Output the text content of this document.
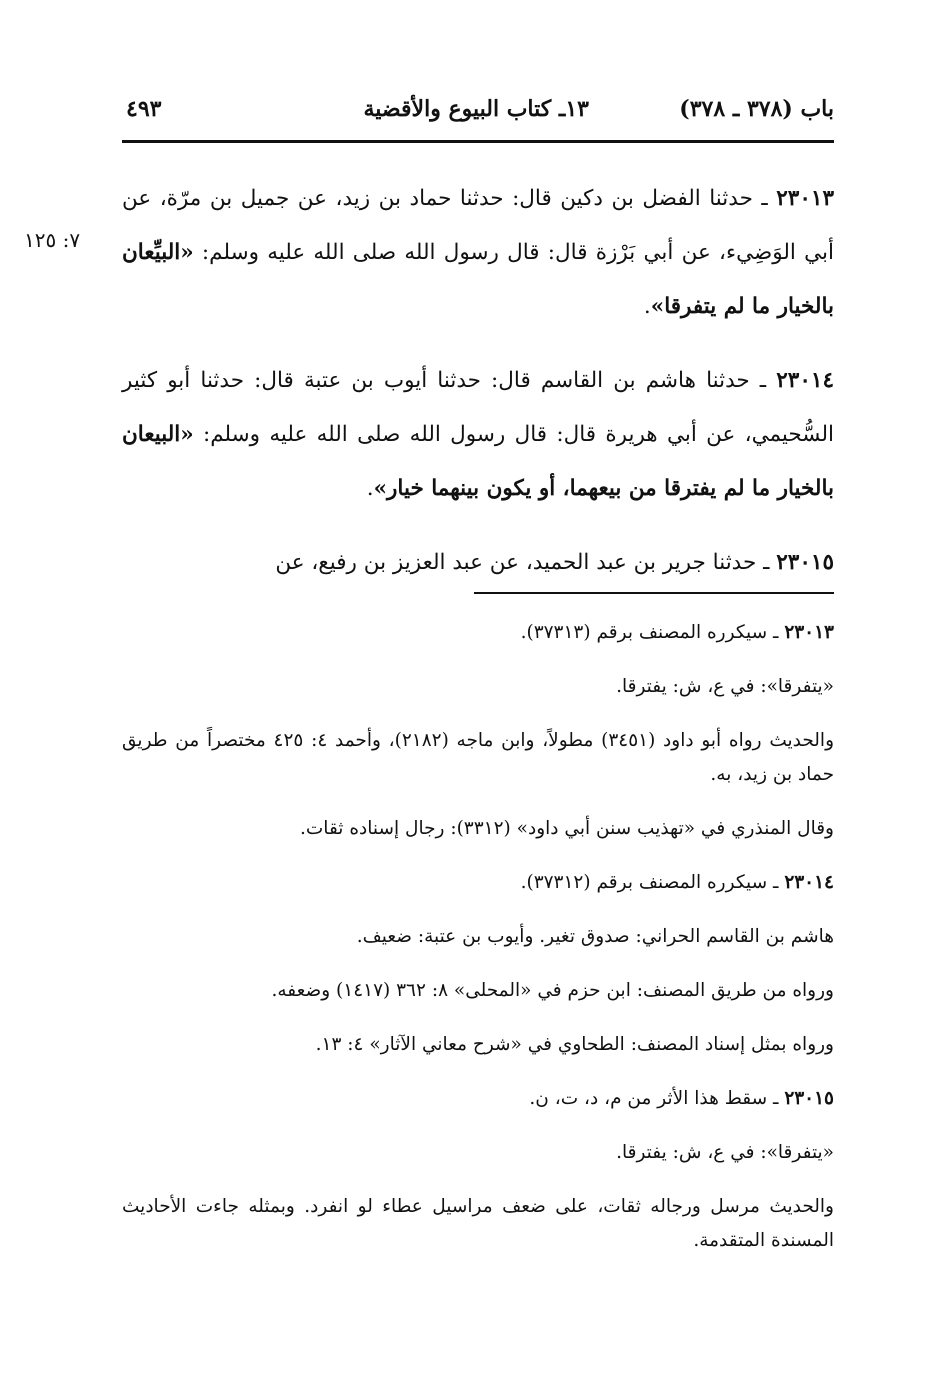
باب (٣٧٨ ـ ٣٧٨)
١٣ـ كتاب البيوع والأقضية
٤٩٣
٧: ١٢٥

٢٣٠١٣ ـ حدثنا الفضل بن دكين قال: حدثنا حماد بن زيد، عن جميل بن مرّة، عن أبي الوَضِيء، عن أبي بَرْزة قال: قال رسول الله صلى الله عليه وسلم: «البيِّعان بالخيار ما لم يتفرقا».

٢٣٠١٤ ـ حدثنا هاشم بن القاسم قال: حدثنا أيوب بن عتبة قال: حدثنا أبو كثير السُّحيمي، عن أبي هريرة قال: قال رسول الله صلى الله عليه وسلم: «البيعان بالخيار ما لم يفترقا من بيعهما، أو يكون بينهما خيار».

٢٣٠١٥ ـ حدثنا جرير بن عبد الحميد، عن عبد العزيز بن رفيع، عن

٢٣٠١٣ ـ سيكرره المصنف برقم (٣٧٣١٣).

«يتفرقا»: في ع، ش: يفترقا.

والحديث رواه أبو داود (٣٤٥١) مطولاً، وابن ماجه (٢١٨٢)، وأحمد ٤: ٤٢٥ مختصراً من طريق حماد بن زيد، به.

وقال المنذري في «تهذيب سنن أبي داود» (٣٣١٢): رجال إسناده ثقات.

٢٣٠١٤ ـ سيكرره المصنف برقم (٣٧٣١٢).

هاشم بن القاسم الحراني: صدوق تغير. وأيوب بن عتبة: ضعيف.

ورواه من طريق المصنف: ابن حزم في «المحلى» ٨: ٣٦٢ (١٤١٧) وضعفه.

ورواه بمثل إسناد المصنف: الطحاوي في «شرح معاني الآثار» ٤: ١٣.

٢٣٠١٥ ـ سقط هذا الأثر من م، د، ت، ن.

«يتفرقا»: في ع، ش: يفترقا.

والحديث مرسل ورجاله ثقات، على ضعف مراسيل عطاء لو انفرد. وبمثله جاءت الأحاديث المسندة المتقدمة.
